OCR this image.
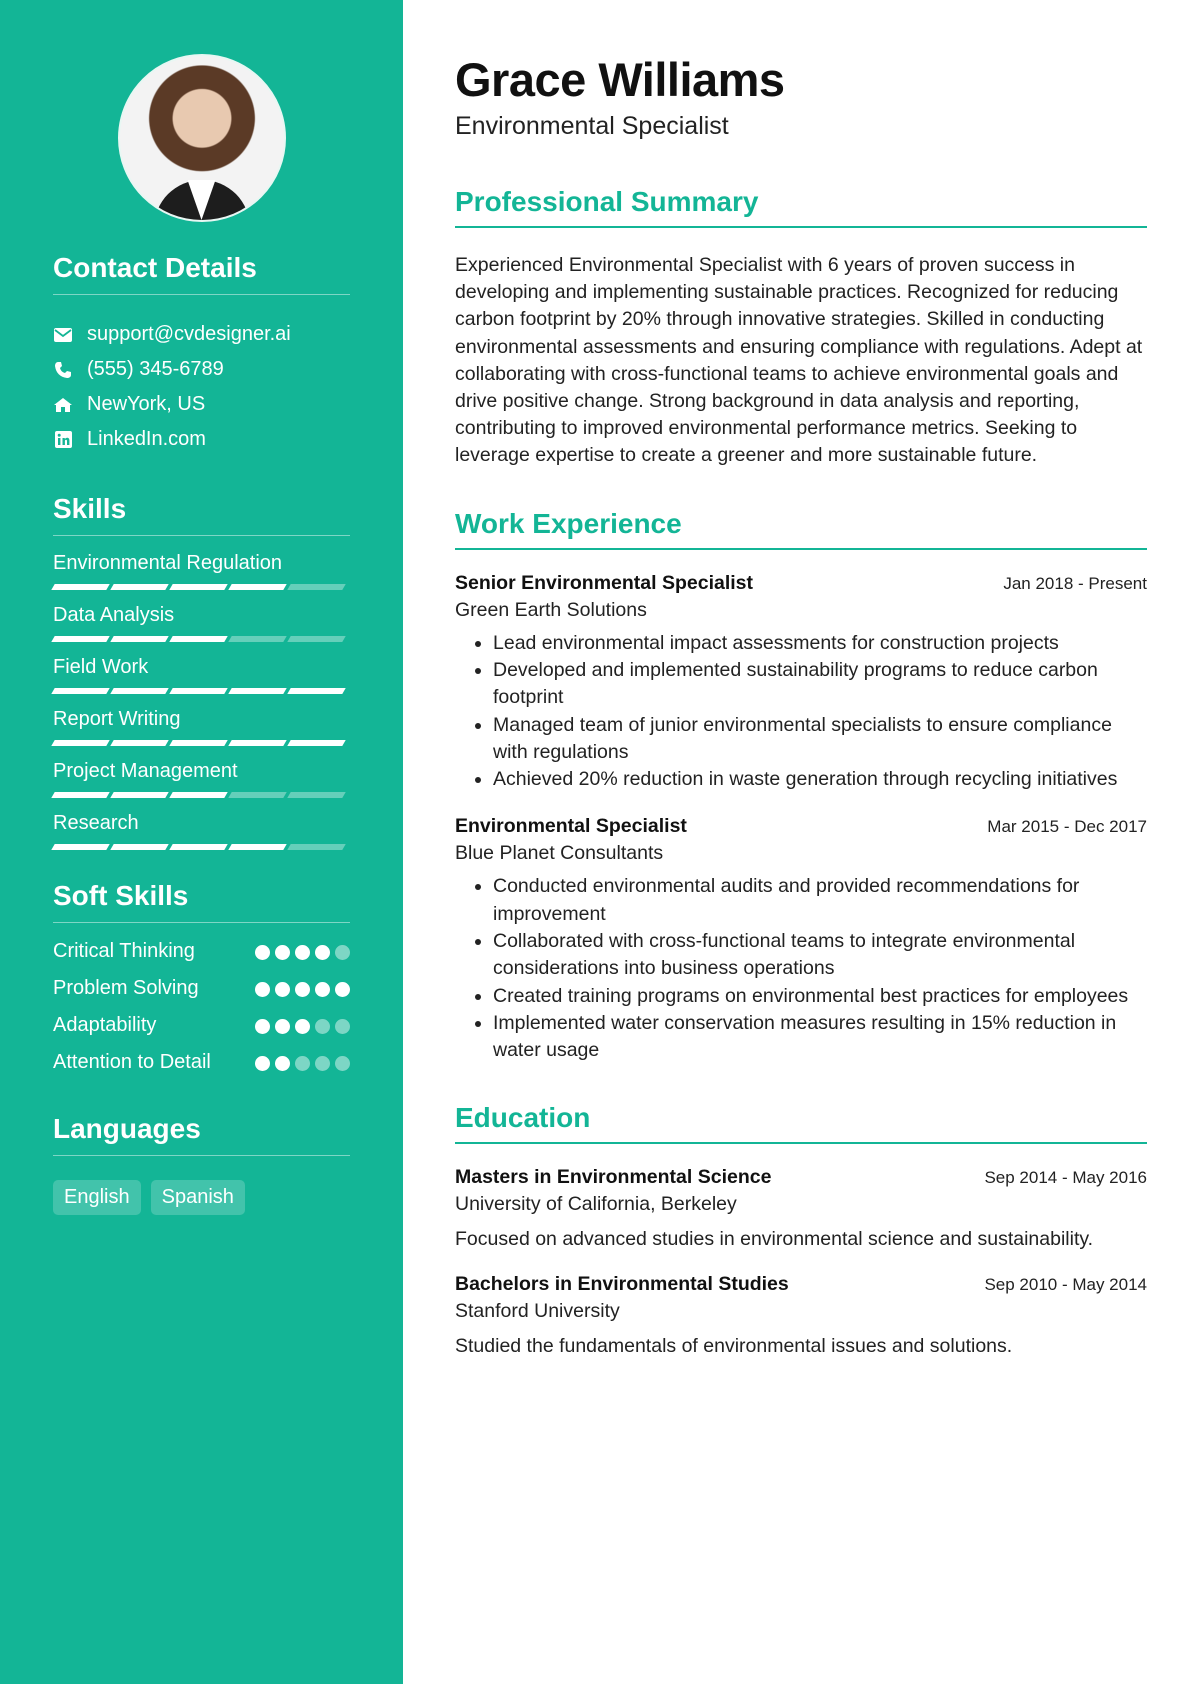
Contact Details
support@cvdesigner.ai
(555) 345-6789
NewYork, US
LinkedIn.com
Skills
Environmental Regulation
Data Analysis
Field Work
Report Writing
Project Management
Research
Soft Skills
Critical Thinking
Problem Solving
Adaptability
Attention to Detail
Languages
English	Spanish
Grace Williams
Environmental Specialist
Professional Summary
Experienced Environmental Specialist with 6 years of proven success in developing and implementing sustainable practices. Recognized for reducing carbon footprint by 20% through innovative strategies. Skilled in conducting environmental assessments and ensuring compliance with regulations. Adept at collaborating with cross-functional teams to achieve environmental goals and drive positive change. Strong background in data analysis and reporting, contributing to improved environmental performance metrics. Seeking to leverage expertise to create a greener and more sustainable future.
Work Experience
Senior Environmental Specialist	Jan 2018 - Present
Green Earth Solutions
• Lead environmental impact assessments for construction projects
• Developed and implemented sustainability programs to reduce carbon footprint
• Managed team of junior environmental specialists to ensure compliance with regulations
• Achieved 20% reduction in waste generation through recycling initiatives
Environmental Specialist	Mar 2015 - Dec 2017
Blue Planet Consultants
• Conducted environmental audits and provided recommendations for improvement
• Collaborated with cross-functional teams to integrate environmental considerations into business operations
• Created training programs on environmental best practices for employees
• Implemented water conservation measures resulting in 15% reduction in water usage
Education
Masters in Environmental Science	Sep 2014 - May 2016
University of California, Berkeley
Focused on advanced studies in environmental science and sustainability.
Bachelors in Environmental Studies	Sep 2010 - May 2014
Stanford University
Studied the fundamentals of environmental issues and solutions.
